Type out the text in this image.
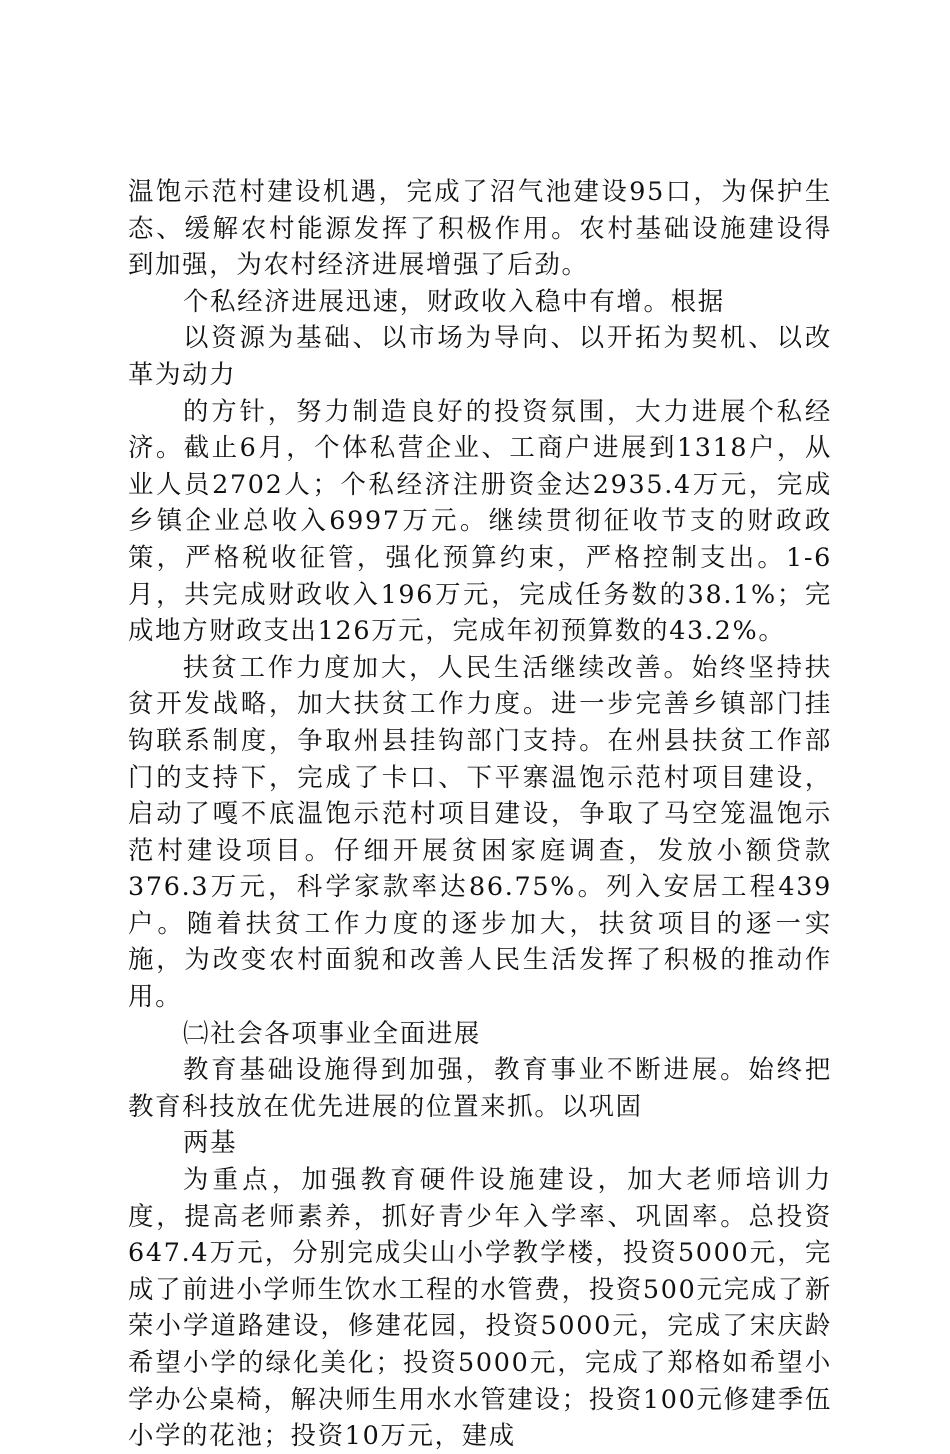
温饱示范村建设机遇，完成了沼气池建设95口，为保护生态、缓解农村能源发挥了积极作用。农村基础设施建设得到加强，为农村经济进展增强了后劲。

个私经济进展迅速，财政收入稳中有增。根据

以资源为基础、以市场为导向、以开拓为契机、以改革为动力

的方针，努力制造良好的投资氛围，大力进展个私经济。截止6月，个体私营企业、工商户进展到1318户，从业人员2702人；个私经济注册资金达2935.4万元，完成乡镇企业总收入6997万元。继续贯彻征收节支的财政政策，严格税收征管，强化预算约束，严格控制支出。1-6月，共完成财政收入196万元，完成任务数的38.1%；完成地方财政支出126万元，完成年初预算数的43.2%。

扶贫工作力度加大，人民生活继续改善。始终坚持扶贫开发战略，加大扶贫工作力度。进一步完善乡镇部门挂钩联系制度，争取州县挂钩部门支持。在州县扶贫工作部门的支持下，完成了卡口、下平寨温饱示范村项目建设，启动了嘎不底温饱示范村项目建设，争取了马空笼温饱示范村建设项目。仔细开展贫困家庭调查，发放小额贷款376.3万元，科学家款率达86.75%。列入安居工程439户。随着扶贫工作力度的逐步加大，扶贫项目的逐一实施，为改变农村面貌和改善人民生活发挥了积极的推动作用。

㈡社会各项事业全面进展

教育基础设施得到加强，教育事业不断进展。始终把教育科技放在优先进展的位置来抓。以巩固

两基

为重点，加强教育硬件设施建设，加大老师培训力度，提高老师素养，抓好青少年入学率、巩固率。总投资647.4万元，分别完成尖山小学教学楼，投资5000元，完成了前进小学师生饮水工程的水管费，投资500元完成了新荣小学道路建设，修建花园，投资5000元，完成了宋庆龄希望小学的绿化美化；投资5000元，完成了郑格如希望小学办公桌椅，解决师生用水水管建设；投资100元修建季伍小学的花池；投资10万元，建成
